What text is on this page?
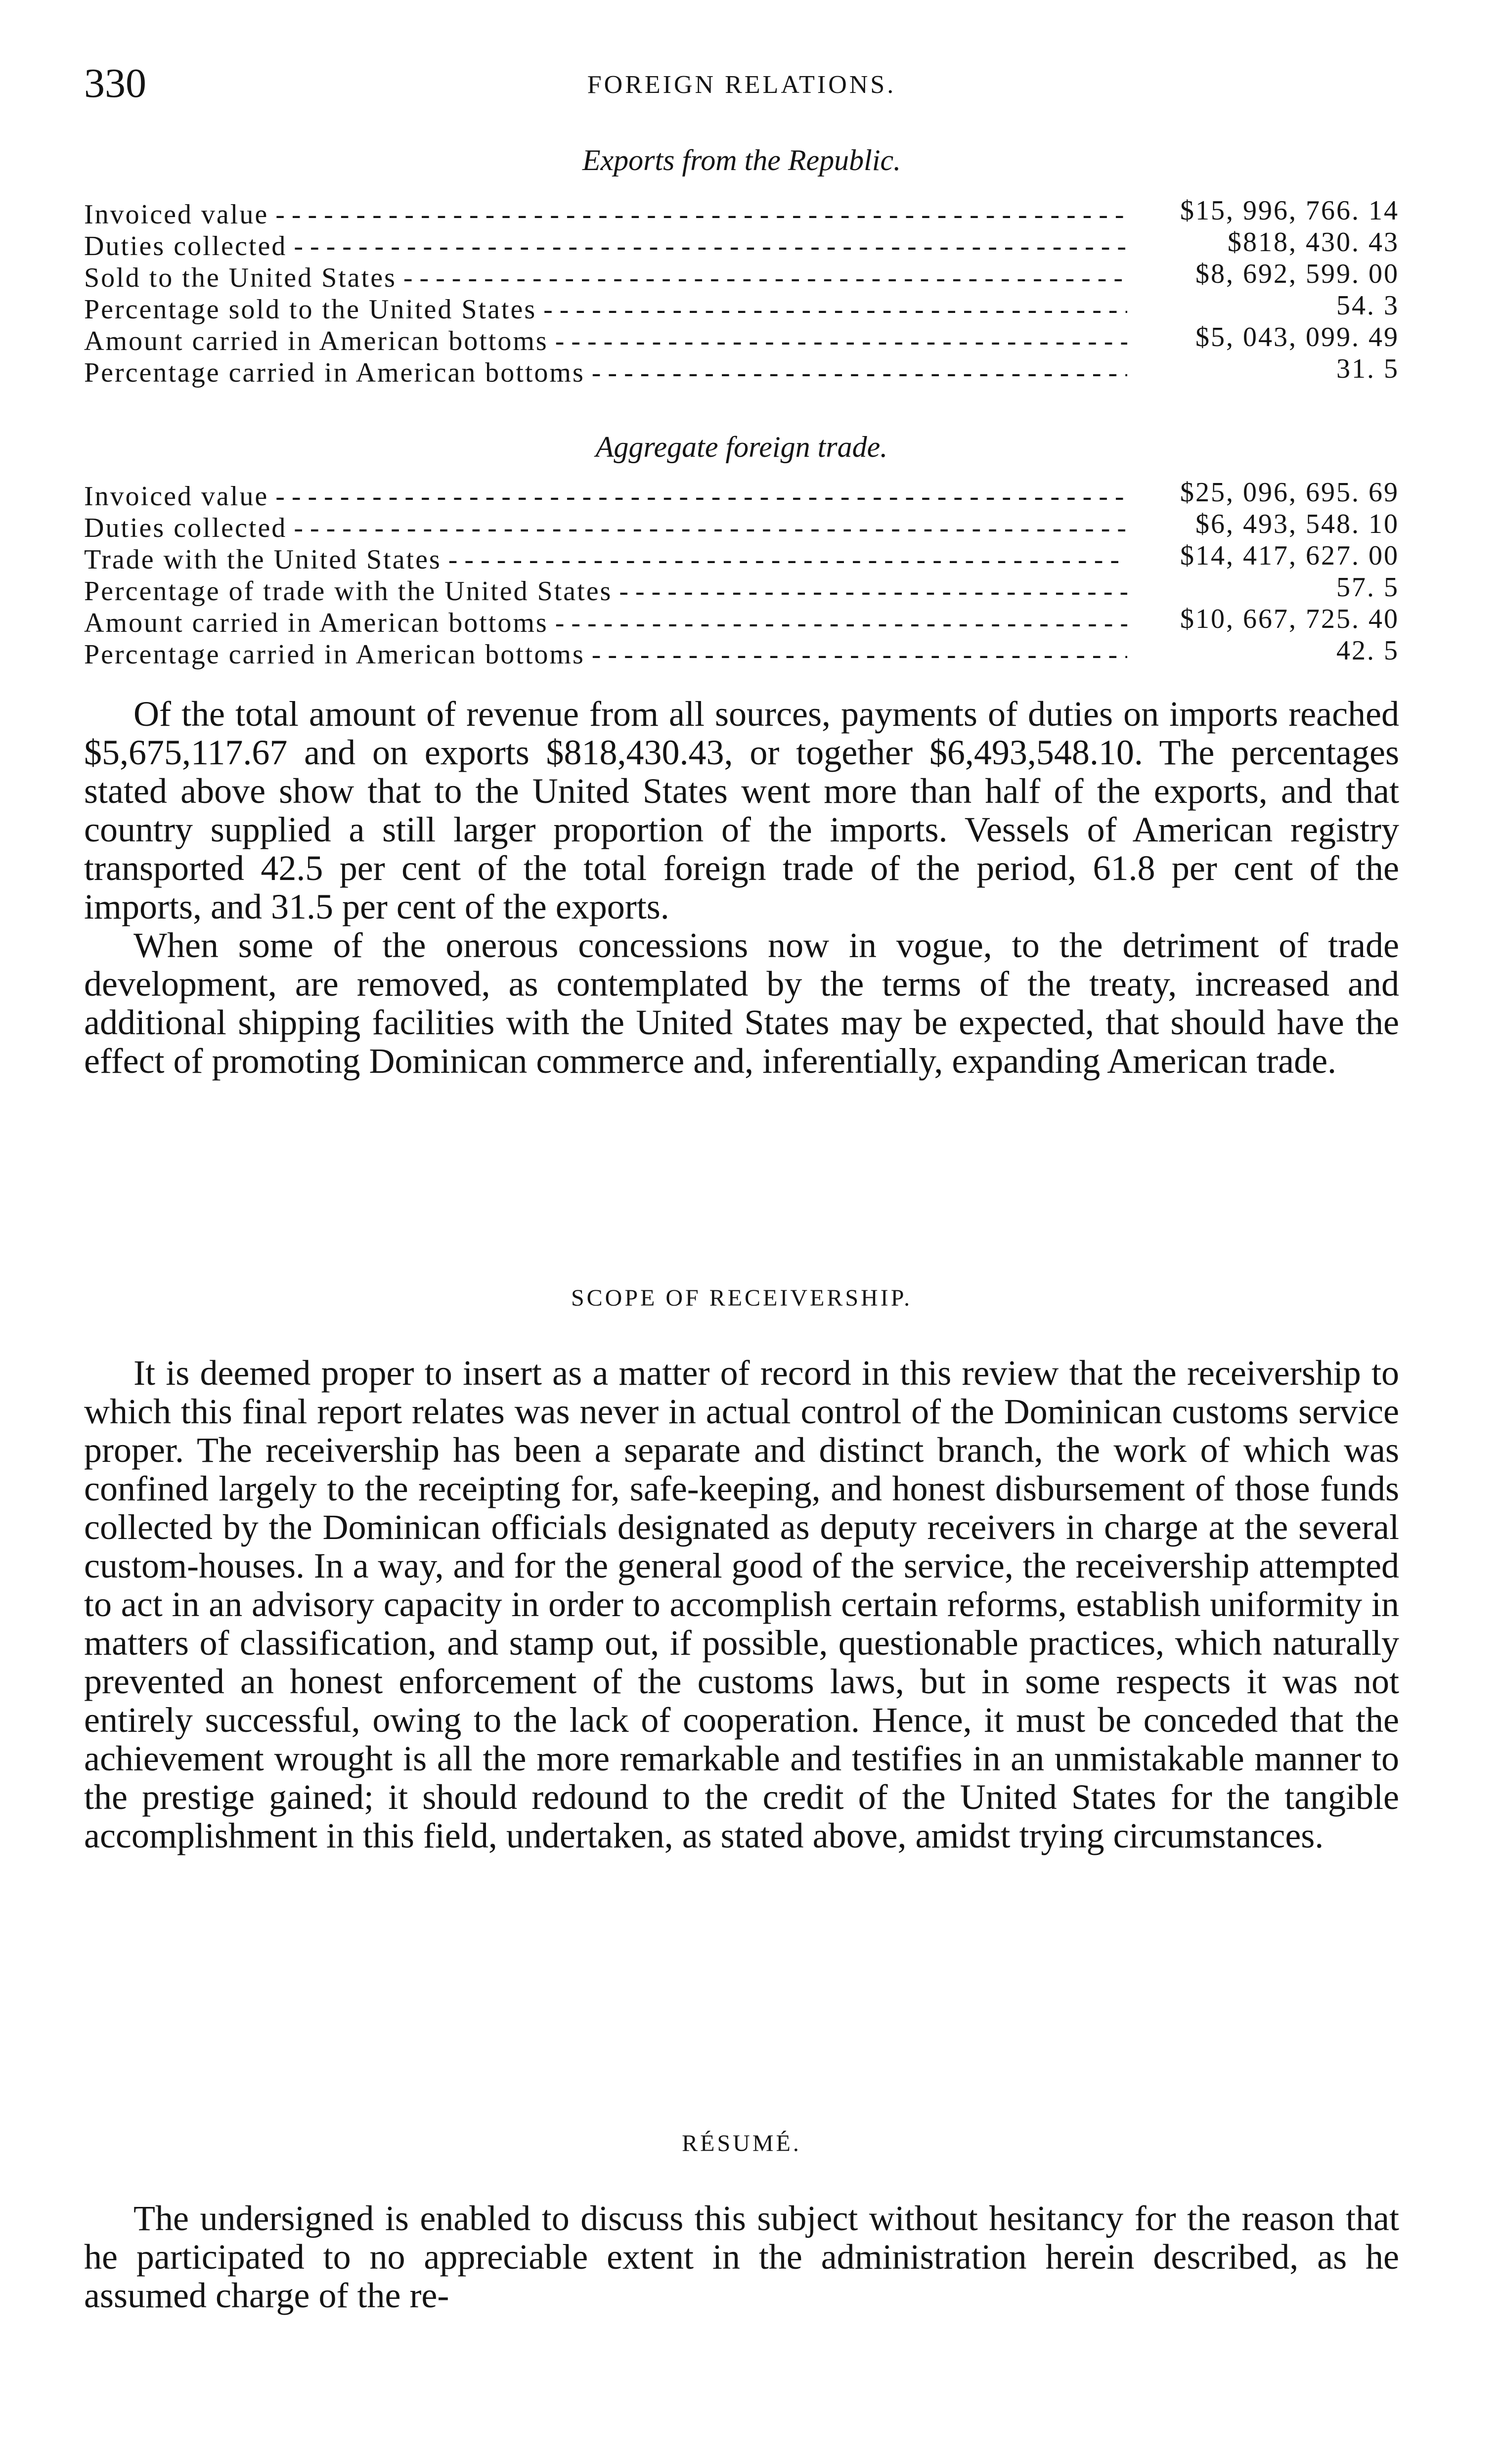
330	FOREIGN RELATIONS.
Exports from the Republic.
Invoiced value - - -	$15, 996, 766. 14
Duties collected - - -	$818, 430. 43
Sold to the United States - - -	$8, 692, 599. 00
Percentage sold to the United States - - -	54. 3
Amount carried in American bottoms - - -	$5, 043, 099. 49
Percentage carried in American bottoms - - -	31. 5
Aggregate foreign trade.
Invoiced value - - -	$25, 096, 695. 69
Duties collected - - -	$6, 493, 548. 10
Trade with the United States - - -	$14, 417, 627. 00
Percentage of trade with the United States - - -	57. 5
Amount carried in American bottoms - - -	$10, 667, 725. 40
Percentage carried in American bottoms - - -	42. 5

Of the total amount of revenue from all sources, payments of duties on imports reached $5,675,117.67 and on exports $818,430.43, or together $6,493,548.10. The percentages stated above show that to the United States went more than half of the exports, and that country supplied a still larger proportion of the imports. Vessels of American registry transported 42.5 per cent of the total foreign trade of the period, 61.8 per cent of the imports, and 31.5 per cent of the exports.

When some of the onerous concessions now in vogue, to the detriment of trade development, are removed, as contemplated by the terms of the treaty, increased and additional shipping facilities with the United States may be expected, that should have the effect of promoting Dominican commerce and, inferentially, expanding American trade.

SCOPE OF RECEIVERSHIP.

It is deemed proper to insert as a matter of record in this review that the receivership to which this final report relates was never in actual control of the Dominican customs service proper. The receivership has been a separate and distinct branch, the work of which was confined largely to the receipting for, safe-keeping, and honest disbursement of those funds collected by the Dominican officials designated as deputy receivers in charge at the several custom-houses. In a way, and for the general good of the service, the receivership attempted to act in an advisory capacity in order to accomplish certain reforms, establish uniformity in matters of classification, and stamp out, if possible, questionable practices, which naturally prevented an honest enforcement of the customs laws, but in some respects it was not entirely successful, owing to the lack of cooperation. Hence, it must be conceded that the achievement wrought is all the more remarkable and testifies in an unmistakable manner to the prestige gained; it should redound to the credit of the United States for the tangible accomplishment in this field, undertaken, as stated above, amidst trying circumstances.

RÉSUMÉ.

The undersigned is enabled to discuss this subject without hesitancy for the reason that he participated to no appreciable extent in the administration herein described, as he assumed charge of the re-
